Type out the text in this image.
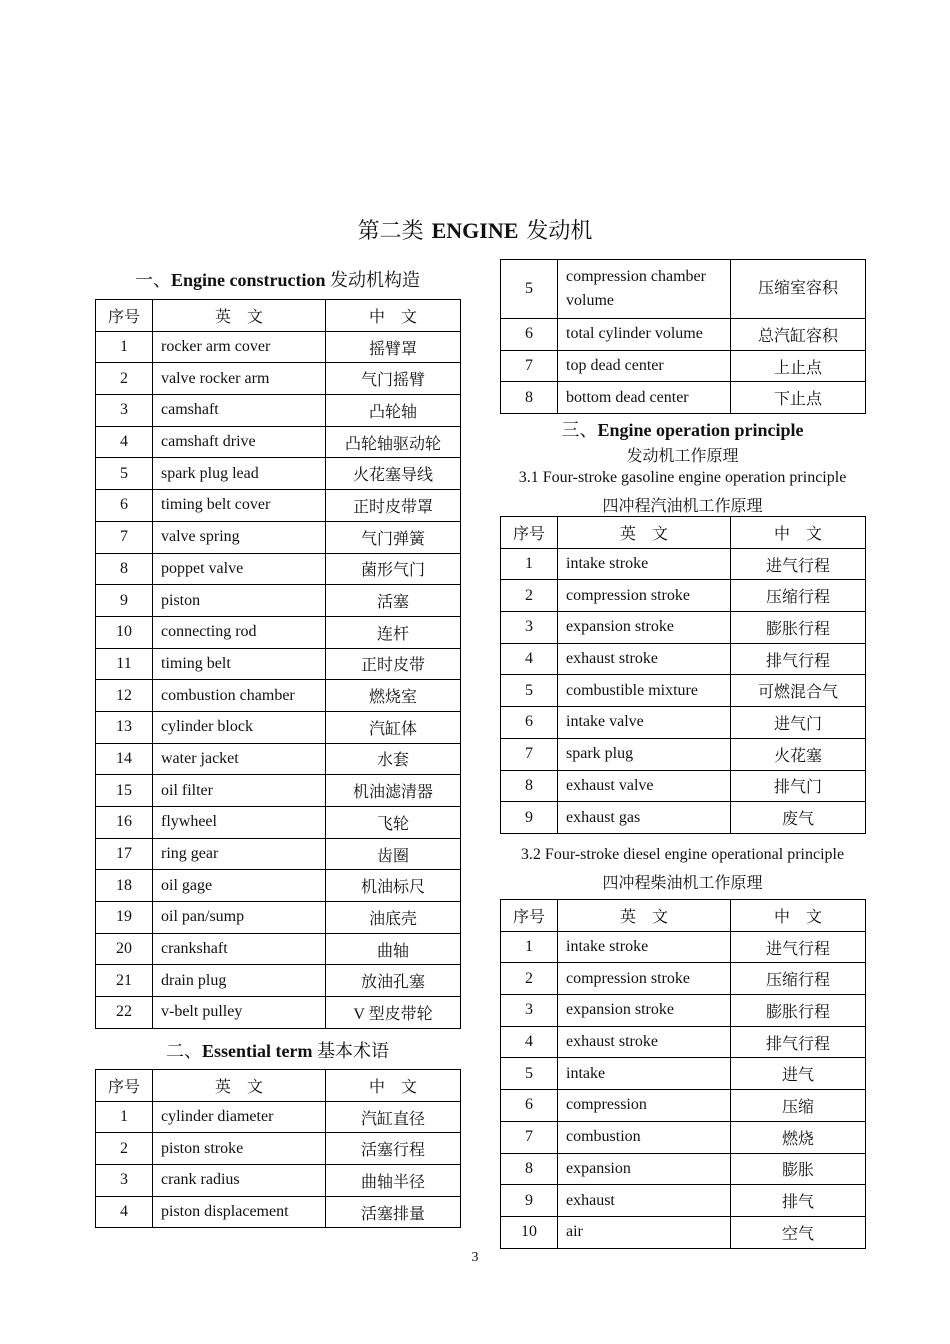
第二类 ENGINE 发动机
一、Engine construction 发动机构造
序号	英　文	中　文
1	rocker arm cover	摇臂罩
2	valve rocker arm	气门摇臂
3	camshaft	凸轮轴
4	camshaft drive	凸轮轴驱动轮
5	spark plug lead	火花塞导线
6	timing belt cover	正时皮带罩
7	valve spring	气门弹簧
8	poppet valve	菌形气门
9	piston	活塞
10	connecting rod	连杆
11	timing belt	正时皮带
12	combustion chamber	燃烧室
13	cylinder block	汽缸体
14	water jacket	水套
15	oil filter	机油滤清器
16	flywheel	飞轮
17	ring gear	齿圈
18	oil gage	机油标尺
19	oil pan/sump	油底壳
20	crankshaft	曲轴
21	drain plug	放油孔塞
22	v-belt pulley	V 型皮带轮
二、Essential term 基本术语
序号	英　文	中　文
1	cylinder diameter	汽缸直径
2	piston stroke	活塞行程
3	crank radius	曲轴半径
4	piston displacement	活塞排量
5	compression chamber volume	压缩室容积
6	total cylinder volume	总汽缸容积
7	top dead center	上止点
8	bottom dead center	下止点
三、Engine operation principle
发动机工作原理
3.1 Four-stroke gasoline engine operation principle
四冲程汽油机工作原理
序号	英　文	中　文
1	intake stroke	进气行程
2	compression stroke	压缩行程
3	expansion stroke	膨胀行程
4	exhaust stroke	排气行程
5	combustible mixture	可燃混合气
6	intake valve	进气门
7	spark plug	火花塞
8	exhaust valve	排气门
9	exhaust gas	废气
3.2 Four-stroke diesel engine operational principle
四冲程柴油机工作原理
序号	英　文	中　文
1	intake stroke	进气行程
2	compression stroke	压缩行程
3	expansion stroke	膨胀行程
4	exhaust stroke	排气行程
5	intake	进气
6	compression	压缩
7	combustion	燃烧
8	expansion	膨胀
9	exhaust	排气
10	air	空气
3
